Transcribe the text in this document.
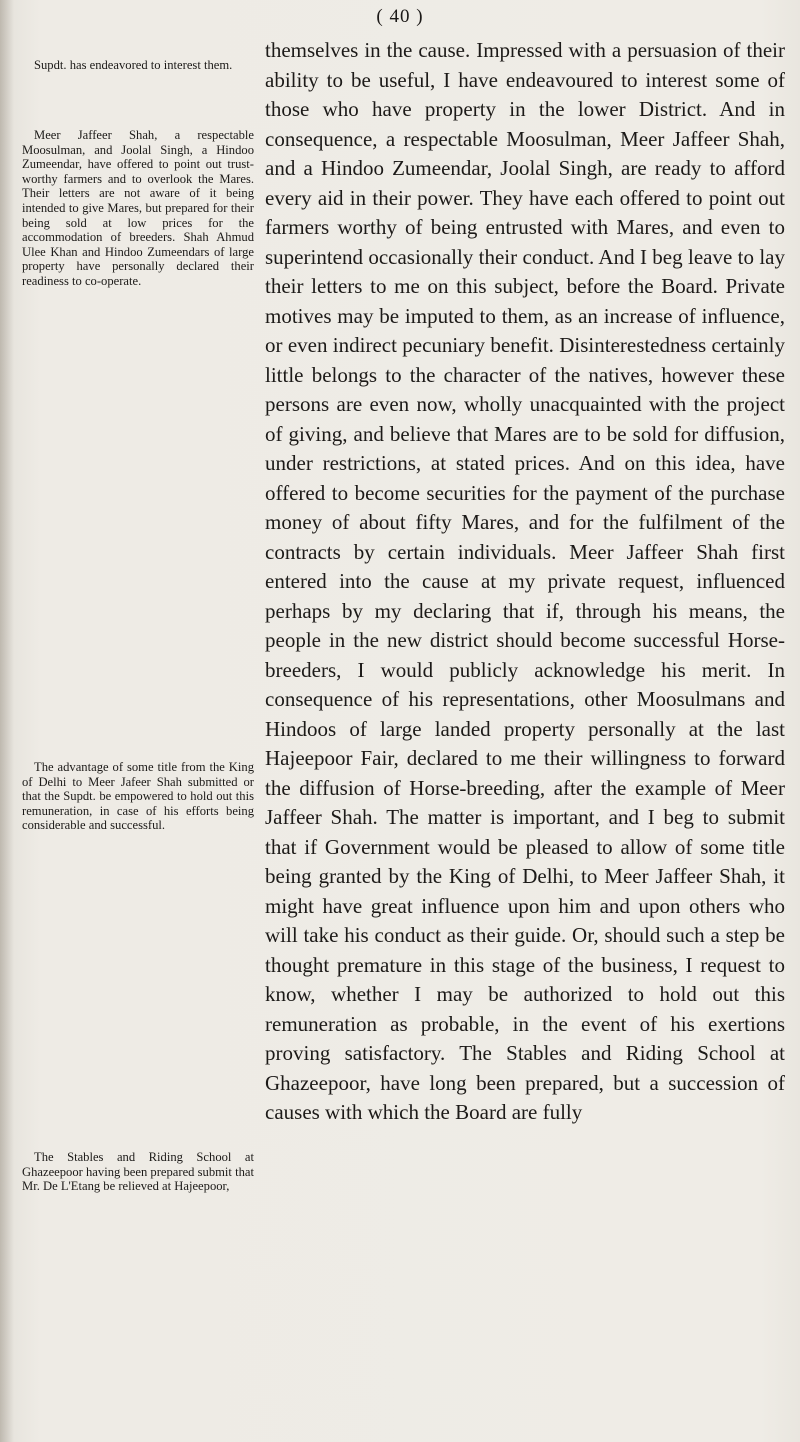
( 40 )
Supdt. has endeavored to interest them.
Meer Jaffeer Shah, a respectable Moosulman, and Joolal Singh, a Hindoo Zumeendar, have offered to point out trust-worthy farmers and to overlook the Mares. Their letters are not aware of it being intended to give Mares, but prepared for their being sold at low prices for the accommodation of breeders. Shah Ahmud Ulee Khan and Hindoo Zumeendars of large property have personally declared their readiness to co-operate.
The advantage of some title from the King of Delhi to Meer Jafeer Shah submitted or that the Supdt. be empowered to hold out this remuneration, in case of his efforts being considerable and successful.
The Stables and Riding School at Ghazeepoor having been prepared submit that Mr. De L'Etang be relieved at Hajeepoor,

themselves in the cause. Impressed with a persuasion of their ability to be useful, I have endeavoured to interest some of those who have property in the lower District. And in consequence, a respectable Moosulman, Meer Jaffeer Shah, and a Hindoo Zumeendar, Joolal Singh, are ready to afford every aid in their power. They have each offered to point out farmers worthy of being entrusted with Mares, and even to superintend occasionally their conduct. And I beg leave to lay their letters to me on this subject, before the Board. Private motives may be imputed to them, as an increase of influence, or even indirect pecuniary benefit. Disinterestedness certainly little belongs to the character of the natives, however these persons are even now, wholly unacquainted with the project of giving, and believe that Mares are to be sold for diffusion, under restrictions, at stated prices. And on this idea, have offered to become securities for the payment of the purchase money of about fifty Mares, and for the fulfilment of the contracts by certain individuals. Meer Jaffeer Shah first entered into the cause at my private request, influenced perhaps by my declaring that if, through his means, the people in the new district should become successful Horse-breeders, I would publicly acknowledge his merit. In consequence of his representations, other Moosulmans and Hindoos of large landed property personally at the last Hajeepoor Fair, declared to me their willingness to forward the diffusion of Horse-breeding, after the example of Meer Jaffeer Shah. The matter is important, and I beg to submit that if Government would be pleased to allow of some title being granted by the King of Delhi, to Meer Jaffeer Shah, it might have great influence upon him and upon others who will take his conduct as their guide. Or, should such a step be thought premature in this stage of the business, I request to know, whether I may be authorized to hold out this remuneration as probable, in the event of his exertions proving satisfactory. The Stables and Riding School at Ghazeepoor, have long been prepared, but a succession of causes with which the Board are fully
